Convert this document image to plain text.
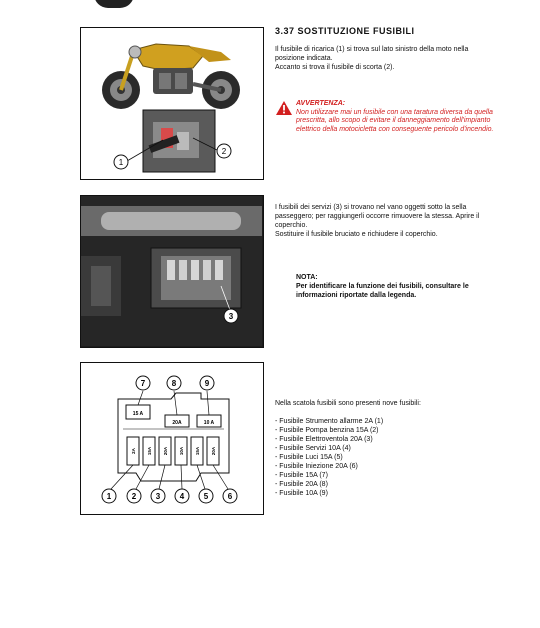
1
2
3
15 A
20A	10 A
2A 15A 20A 10A 15A 20A
7	8	9
1	2 3 4 5 6
3.37 SOSTITUZIONE FUSIBILI

Il fusibile di ricarica (1) si trova sul lato sinistro della moto nella posizione indicata.
Accanto si trova il fusibile di scorta (2).

AVVERTENZA:
Non utilizzare mai un fusibile con una taratura diversa da quella prescritta, allo scopo di evitare il danneggiamento dell'impianto elettrico della motocicletta con conseguente pericolo d'incendio.

I fusibili dei servizi (3) si trovano nel vano oggetti sotto la sella passeggero; per raggiungerli occorre rimuovere la stessa. Aprire il coperchio.
Sostituire il fusibile bruciato e richiudere il coperchio.

NOTA:
Per identificare la funzione dei fusibili, consultare le informazioni riportate dalla legenda.

Nella scatola fusibili sono presenti nove fusibili:

- Fusibile Strumento allarme 2A (1)
- Fusibile Pompa benzina 15A (2)
- Fusibile Elettroventola 20A (3)
- Fusibile Servizi 10A (4)
- Fusibile Luci 15A (5)
- Fusibile Iniezione 20A (6)
- Fusibile 15A (7)
- Fusibile 20A (8)
- Fusibile 10A (9)
